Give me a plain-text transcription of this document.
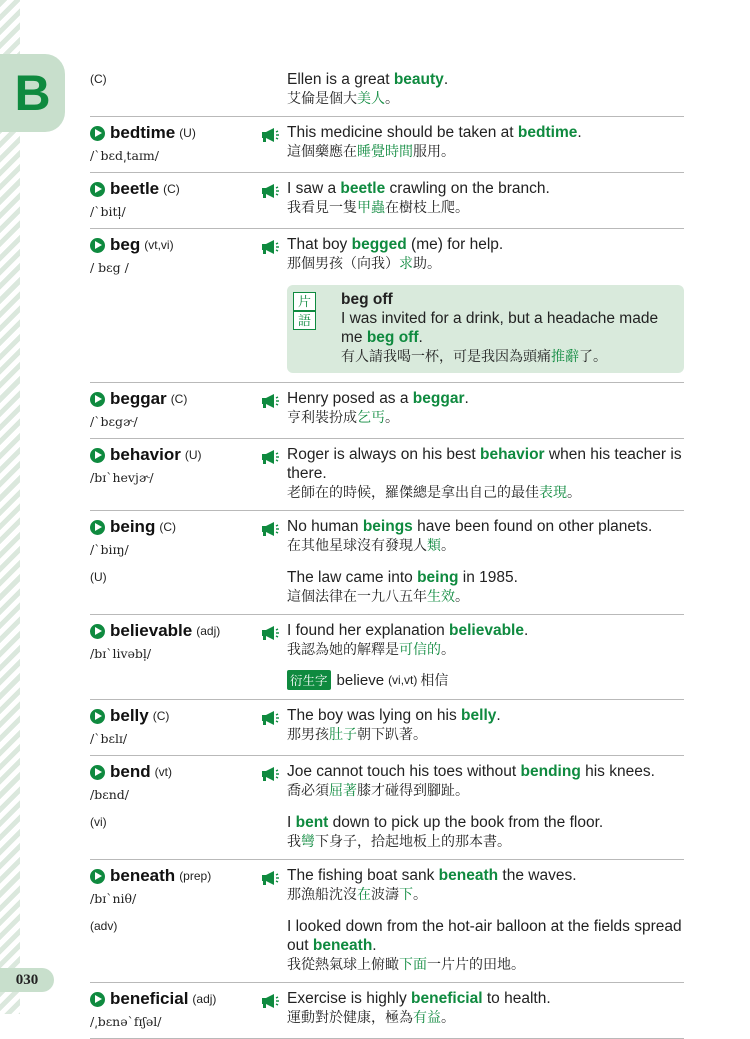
B
030
(C)	Ellen is a great beauty.
艾倫是個大美人。
bedtime (U)
/ˋbɛd͵taɪm/
This medicine should be taken at bedtime.
這個藥應在睡覺時間服用。
beetle (C)
/ˋbitl̩/
I saw a beetle crawling on the branch.
我看見一隻甲蟲在樹枝上爬。
beg (vt,vi)
/ bɛg /
That boy begged (me) for help.
那個男孩（向我）求助。
片語
beg off
I was invited for a drink, but a headache made me beg off.
有人請我喝一杯，可是我因為頭痛推辭了。
beggar (C)
/ˋbɛgɚ/
Henry posed as a beggar.
亨利裝扮成乞丐。
behavior (U)
/bɪˋhevjɚ/
Roger is always on his best behavior when his teacher is there.
老師在的時候，羅傑總是拿出自己的最佳表現。
being (C)
/ˋbiɪŋ/
No human beings have been found on other planets.
在其他星球沒有發現人類。
(U)	The law came into being in 1985.
這個法律在一九八五年生效。
believable (adj)
/bɪˋlivəbl̩/
I found her explanation believable.
我認為她的解釋是可信的。
衍生字 believe (vi,vt) 相信
belly (C)
/ˋbɛlɪ/
The boy was lying on his belly.
那男孩肚子朝下趴著。
bend (vt)
/bɛnd/
Joe cannot touch his toes without bending his knees.
喬必須屈著膝才碰得到腳趾。
(vi)	I bent down to pick up the book from the floor.
我彎下身子，拾起地板上的那本書。
beneath (prep)
/bɪˋniθ/
The fishing boat sank beneath the waves.
那漁船沈沒在波濤下。
(adv)	I looked down from the hot-air balloon at the fields spread out beneath.
我從熱氣球上俯瞰下面一片片的田地。
beneficial (adj)
/͵bɛnəˋfɪʃəl/
Exercise is highly beneficial to health.
運動對於健康，極為有益。
